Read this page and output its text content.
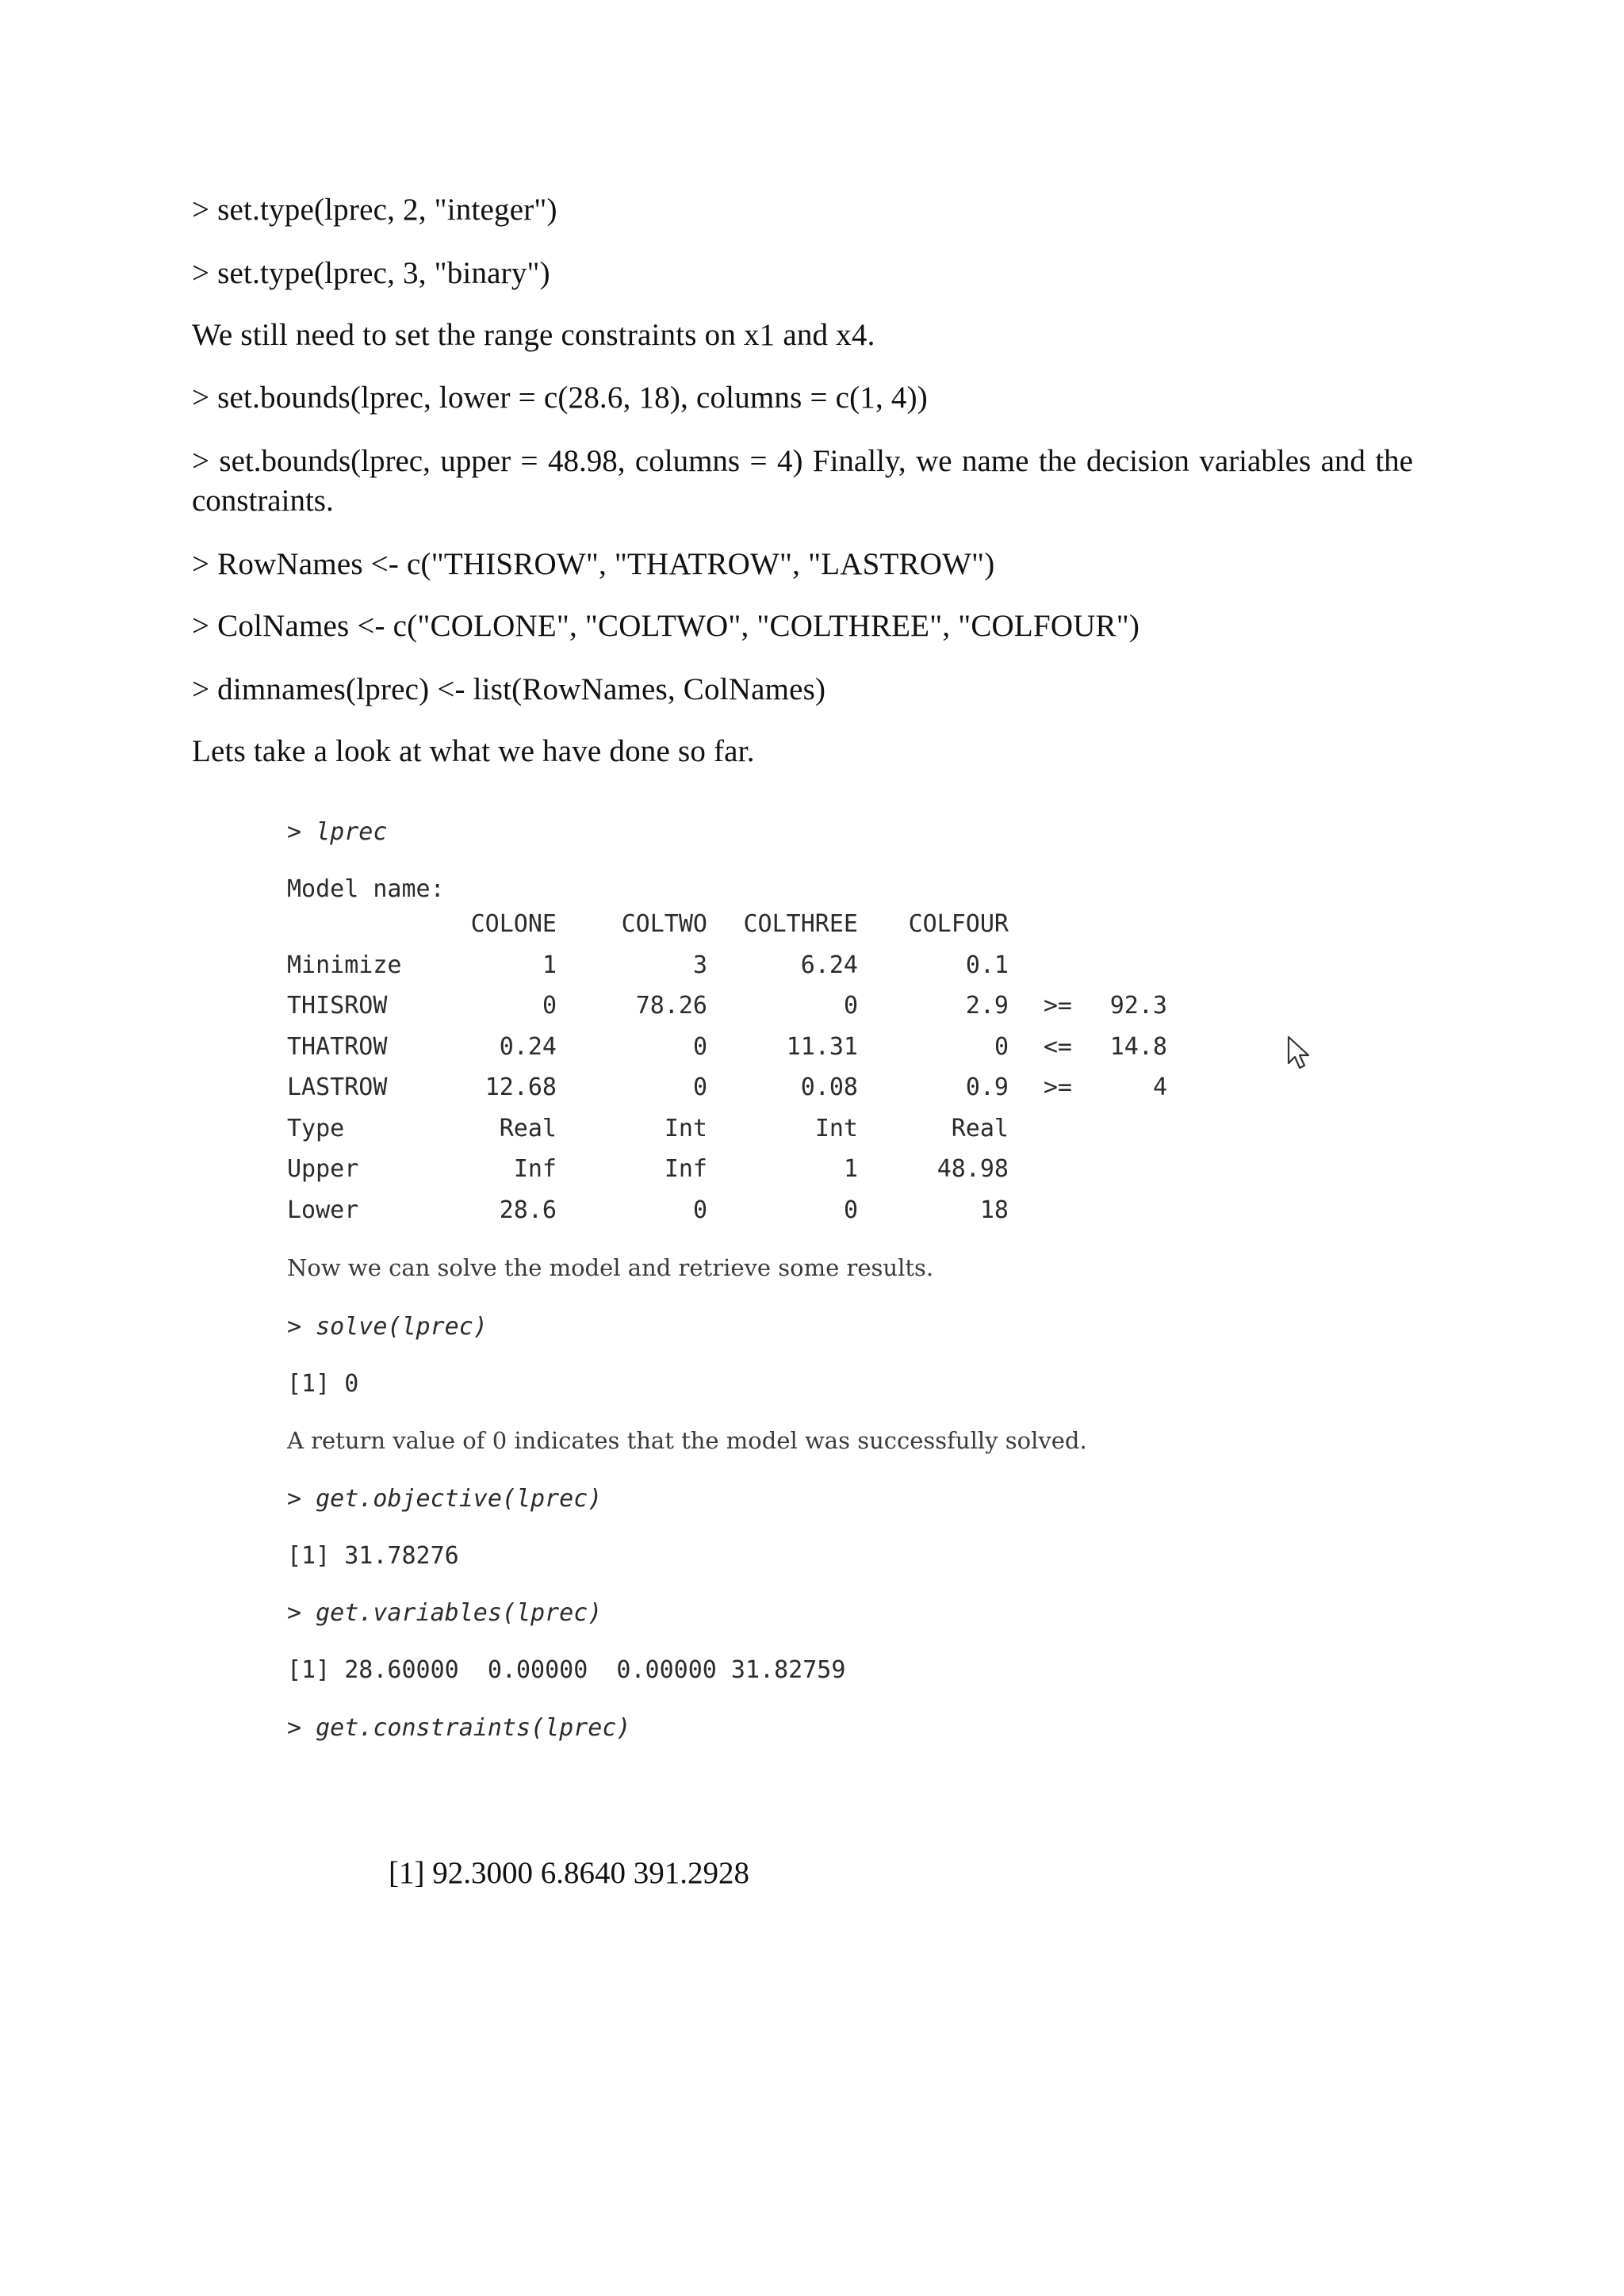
> set.type(lprec, 2, "integer")
> set.type(lprec, 3, "binary")
We still need to set the range constraints on x1 and x4.
> set.bounds(lprec, lower = c(28.6, 18), columns = c(1, 4))
> set.bounds(lprec, upper = 48.98, columns = 4) Finally, we name the decision variables and the constraints.
> RowNames <- c("THISROW", "THATROW", "LASTROW")
> ColNames <- c("COLONE", "COLTWO", "COLTHREE", "COLFOUR")
> dimnames(lprec) <- list(RowNames, ColNames)
Lets take a look at what we have done so far.
> lprec
Model name:
	COLONE	COLTWO	COLTHREE	COLFOUR		
Minimize	1	3	6.24	0.1		
THISROW	0	78.26	0	2.9	>=	92.3
THATROW	0.24	0	11.31	0	<=	14.8
LASTROW	12.68	0	0.08	0.9	>=	4
Type	Real	Int	Int	Real		
Upper	Inf	Inf	1	48.98		
Lower	28.6	0	0	18		
Now we can solve the model and retrieve some results.
> solve(lprec)
[1] 0
A return value of 0 indicates that the model was successfully solved.
> get.objective(lprec)
[1] 31.78276
> get.variables(lprec)
[1] 28.60000  0.00000  0.00000 31.82759
> get.constraints(lprec)
[1] 92.3000 6.8640 391.2928
